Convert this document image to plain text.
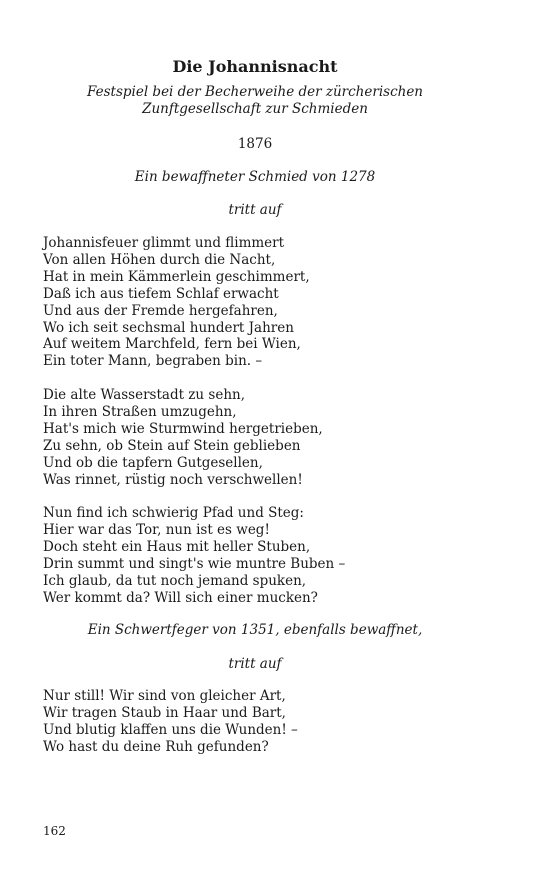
Die Johannisnacht
Festspiel bei der Becherweihe der zürcherischen Zunftgesellschaft zur Schmieden
1876
Ein bewaffneter Schmied von 1278
tritt auf
Johannisfeuer glimmt und flimmert
Von allen Höhen durch die Nacht,
Hat in mein Kämmerlein geschimmert,
Daß ich aus tiefem Schlaf erwacht
Und aus der Fremde hergefahren,
Wo ich seit sechsmal hundert Jahren
Auf weitem Marchfeld, fern bei Wien,
Ein toter Mann, begraben bin. –
Die alte Wasserstadt zu sehn,
In ihren Straßen umzugehn,
Hat's mich wie Sturmwind hergetrieben,
Zu sehn, ob Stein auf Stein geblieben
Und ob die tapfern Gutgesellen,
Was rinnet, rüstig noch verschwellen!
Nun find ich schwierig Pfad und Steg:
Hier war das Tor, nun ist es weg!
Doch steht ein Haus mit heller Stuben,
Drin summt und singt's wie muntre Buben –
Ich glaub, da tut noch jemand spuken,
Wer kommt da? Will sich einer mucken?
Ein Schwertfeger von 1351, ebenfalls bewaffnet,
tritt auf
Nur still! Wir sind von gleicher Art,
Wir tragen Staub in Haar und Bart,
Und blutig klaffen uns die Wunden! –
Wo hast du deine Ruh gefunden?
162
